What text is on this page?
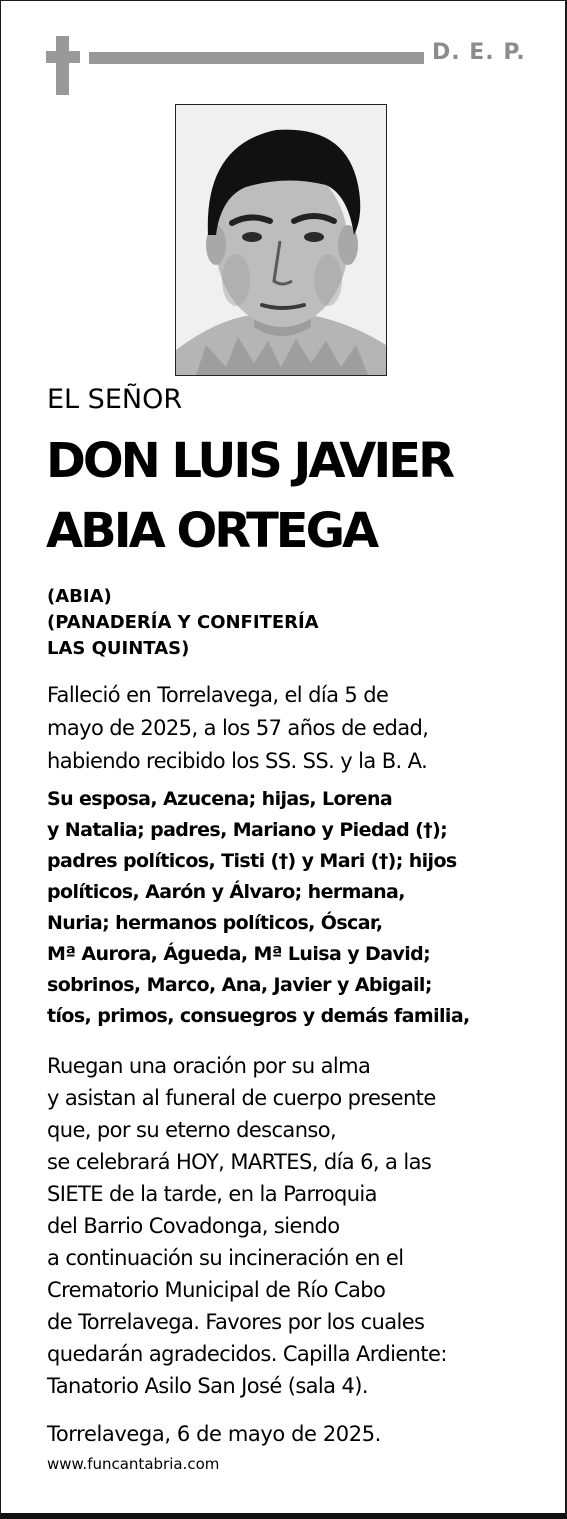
D. E. P.
EL SEÑOR
DON LUIS JAVIER
ABIA ORTEGA
(ABIA)
(PANADERÍA Y CONFITERÍA
LAS QUINTAS)
Falleció en Torrelavega, el día 5 de
mayo de 2025, a los 57 años de edad,
habiendo recibido los SS. SS. y la B. A.
Su esposa, Azucena; hijas, Lorena
y Natalia; padres, Mariano y Piedad (†);
padres políticos, Tisti (†) y Mari (†); hijos
políticos, Aarón y Álvaro; hermana,
Nuria; hermanos políticos, Óscar,
Mª Aurora, Águeda, Mª Luisa y David;
sobrinos, Marco, Ana, Javier y Abigail;
tíos, primos, consuegros y demás familia,
Ruegan una oración por su alma
y asistan al funeral de cuerpo presente
que, por su eterno descanso,
se celebrará HOY, MARTES, día 6, a las
SIETE de la tarde, en la Parroquia
del Barrio Covadonga, siendo
a continuación su incineración en el
Crematorio Municipal de Río Cabo
de Torrelavega. Favores por los cuales
quedarán agradecidos. Capilla Ardiente:
Tanatorio Asilo San José (sala 4).
Torrelavega, 6 de mayo de 2025.
www.funcantabria.com
